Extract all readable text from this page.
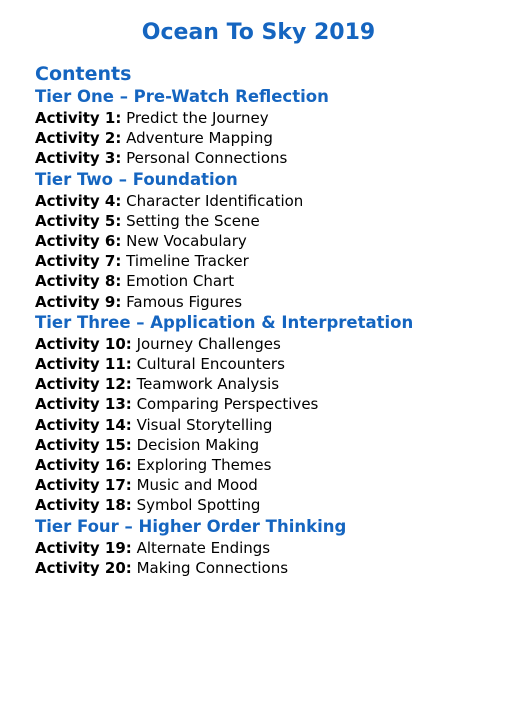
Ocean To Sky 2019
Contents
Tier One – Pre-Watch Reflection
Activity 1: Predict the Journey
Activity 2: Adventure Mapping
Activity 3: Personal Connections
Tier Two – Foundation
Activity 4: Character Identification
Activity 5: Setting the Scene
Activity 6: New Vocabulary
Activity 7: Timeline Tracker
Activity 8: Emotion Chart
Activity 9: Famous Figures
Tier Three – Application & Interpretation
Activity 10: Journey Challenges
Activity 11: Cultural Encounters
Activity 12: Teamwork Analysis
Activity 13: Comparing Perspectives
Activity 14: Visual Storytelling
Activity 15: Decision Making
Activity 16: Exploring Themes
Activity 17: Music and Mood
Activity 18: Symbol Spotting
Tier Four – Higher Order Thinking
Activity 19: Alternate Endings
Activity 20: Making Connections
